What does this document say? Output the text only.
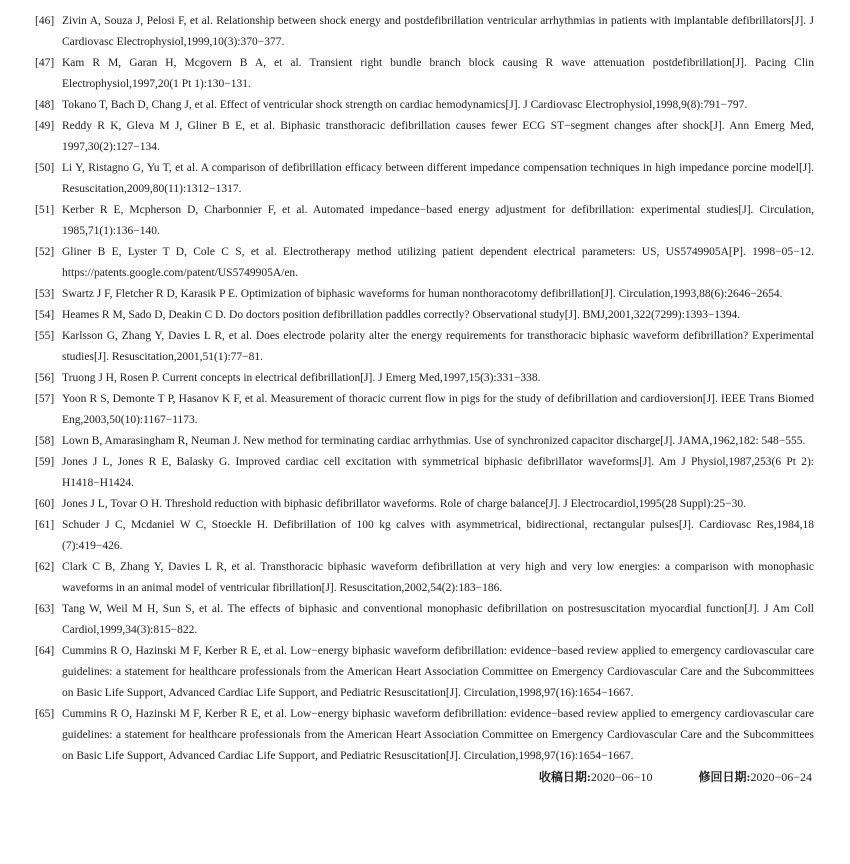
[46] Zivin A, Souza J, Pelosi F, et al. Relationship between shock energy and postdefibrillation ventricular arrhythmias in patients with implantable defibrillators[J]. J Cardiovasc Electrophysiol,1999,10(3):370−377.
[47] Kam R M, Garan H, Mcgovern B A, et al. Transient right bundle branch block causing R wave attenuation postdefibrillation[J]. Pacing Clin Electrophysiol,1997,20(1 Pt 1):130−131.
[48] Tokano T, Bach D, Chang J, et al. Effect of ventricular shock strength on cardiac hemodynamics[J]. J Cardiovasc Electrophysiol,1998,9(8):791−797.
[49] Reddy R K, Gleva M J, Gliner B E, et al. Biphasic transthoracic defibrillation causes fewer ECG ST−segment changes after shock[J]. Ann Emerg Med, 1997,30(2):127−134.
[50] Li Y, Ristagno G, Yu T, et al. A comparison of defibrillation efficacy between different impedance compensation techniques in high impedance porcine model[J]. Resuscitation,2009,80(11):1312−1317.
[51] Kerber R E, Mcpherson D, Charbonnier F, et al. Automated impedance−based energy adjustment for defibrillation: experimental studies[J]. Circulation, 1985,71(1):136−140.
[52] Gliner B E, Lyster T D, Cole C S, et al. Electrotherapy method utilizing patient dependent electrical parameters: US, US5749905A[P]. 1998−05−12. https://patents.google.com/patent/US5749905A/en.
[53] Swartz J F, Fletcher R D, Karasik P E. Optimization of biphasic waveforms for human nonthoracotomy defibrillation[J]. Circulation,1993,88(6):2646−2654.
[54] Heames R M, Sado D, Deakin C D. Do doctors position defibrillation paddles correctly? Observational study[J]. BMJ,2001,322(7299):1393−1394.
[55] Karlsson G, Zhang Y, Davies L R, et al. Does electrode polarity alter the energy requirements for transthoracic biphasic waveform defibrillation? Experimental studies[J]. Resuscitation,2001,51(1):77−81.
[56] Truong J H, Rosen P. Current concepts in electrical defibrillation[J]. J Emerg Med,1997,15(3):331−338.
[57] Yoon R S, Demonte T P, Hasanov K F, et al. Measurement of thoracic current flow in pigs for the study of defibrillation and cardioversion[J]. IEEE Trans Biomed Eng,2003,50(10):1167−1173.
[58] Lown B, Amarasingham R, Neuman J. New method for terminating cardiac arrhythmias. Use of synchronized capacitor discharge[J]. JAMA,1962,182: 548−555.
[59] Jones J L, Jones R E, Balasky G. Improved cardiac cell excitation with symmetrical biphasic defibrillator waveforms[J]. Am J Physiol,1987,253(6 Pt 2): H1418−H1424.
[60] Jones J L, Tovar O H. Threshold reduction with biphasic defibrillator waveforms. Role of charge balance[J]. J Electrocardiol,1995(28 Suppl):25−30.
[61] Schuder J C, Mcdaniel W C, Stoeckle H. Defibrillation of 100 kg calves with asymmetrical, bidirectional, rectangular pulses[J]. Cardiovasc Res,1984,18 (7):419−426.
[62] Clark C B, Zhang Y, Davies L R, et al. Transthoracic biphasic waveform defibrillation at very high and very low energies: a comparison with monophasic waveforms in an animal model of ventricular fibrillation[J]. Resuscitation,2002,54(2):183−186.
[63] Tang W, Weil M H, Sun S, et al. The effects of biphasic and conventional monophasic defibrillation on postresuscitation myocardial function[J]. J Am Coll Cardiol,1999,34(3):815−822.
[64] Cummins R O, Hazinski M F, Kerber R E, et al. Low−energy biphasic waveform defibrillation: evidence−based review applied to emergency cardiovascular care guidelines: a statement for healthcare professionals from the American Heart Association Committee on Emergency Cardiovascular Care and the Subcommittees on Basic Life Support, Advanced Cardiac Life Support, and Pediatric Resuscitation[J]. Circulation,1998,97(16):1654−1667.
[65] Cummins R O, Hazinski M F, Kerber R E, et al. Low−energy biphasic waveform defibrillation: evidence−based review applied to emergency cardiovascular care guidelines: a statement for healthcare professionals from the American Heart Association Committee on Emergency Cardiovascular Care and the Subcommittees on Basic Life Support, Advanced Cardiac Life Support, and Pediatric Resuscitation[J]. Circulation,1998,97(16):1654−1667.
收稿日期:2020−06−10	修回日期:2020−06−24
